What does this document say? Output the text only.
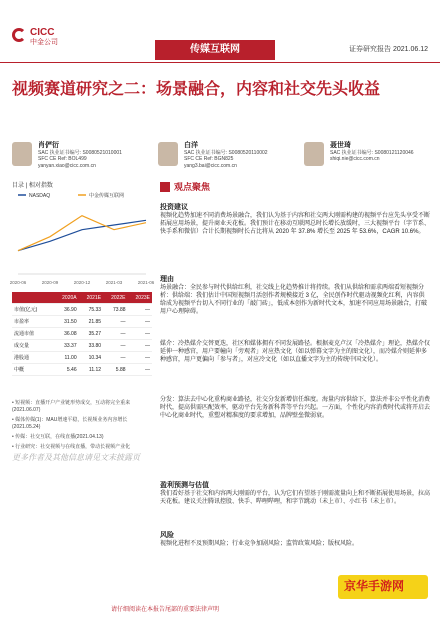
CICC
中金公司
传媒互联网	证券研究报告 2021.06.12
视频赛道研究之二：场景融合，内容和社交先头收益
肖俨衍
SAC 执业证书编号: S0080521010001
SFC CE Ref: BOL499
yanyan.xiao@cicc.com.cn
白洋
SAC 执业证书编号: S0080520110002
SFC CE Ref: BGN825
yang3.bai@cicc.com.cn
聂世琦
SAC 执业证书编号: S0080121120046
shiqi.nie@cicc.com.cn
目录 | 相对指数
NASDAQ	中金传媒互联网
2020-06	2020-09	2020-12	2021-03	2021-06
2020A	2021E	2022E	2023E
市值(亿元)	36.90	75.33	73.88	—
市盈率	31.50	21.85	—	—
流通市值	36.08	35.27	—	—
成交量	33.37	33.80	—	—
港股通	11.00	10.34	—	—
中概	5.46	11.12	5.88	—
• 短视频：直播开户产业链形势成交，互动将完全重来(2021.06.07)
• 媒体传媒(1)：MAU增速平稳，长视频业务内容增长(2021.05.24)
• 传媒：社交互联，在线直播(2021.04.13)
• 行业研究：社交视频与在线直播，带动长视频产业化
更多作者及其他信息请见文末披露页
观点聚焦
投资建议
视频化趋势加速不同消费场景融合，我们认为基于内容和社交两大刚需构建的视频平台应先头享受不断拓展应用场景，提升商业天花板。我们预计在移动互联网总时长增长放缓时，三大视频平台（字节系、快手系和微信）合计长期视频时长占比将从 2020 年 37.8% 增长至 2025 年 53.6%，CAGR 10.6%。
理由
场景融合：全民参与时代供给红利，社交线上化趋势推计将持续。我们从供给和需求两端看短视频分析：供给端：我们估计中国短视频月活创作者规模接近 3 亿，全民创作时代驱动视频化红利，内容供给成为视频平台切入不同行业的「敲门砖」，低成本创作为新时代文本，加速不同应用场景融合，打破用户心理障碍。
媒介：冷热媒介交替更迭，社区和媒体拥有不同发展路径。根据麦克卢汉「冷热媒介」理论，热媒介仅延伸一种感官，用户要幢向「旁观者」对应热文化（如以弹幕文字为主的图文化），而冷媒介则延伸多种感官，用户更偏向「参与者」，对应冷文化（如以直播文字为主的传统中国文化）。
分发：算法去中心化重构商业路径，社交分发新增信任维度。海量内容供给下，算法并非公平性化消费时代，提高供需匹配效率，驱动平台先务新科普等平台兴起。一方面，个性化内容消费时代或将开启去中心化商业时代，重塑对精准度的要求增加，品牌壁垒微弱衰。
盈利预测与估值
我们看好基于社交和内容两大刚需的平台，认为它们有望基于刚需流量向上和不断拓展使用场景，拉高天花板。建议关注腾讯控股、快手、哔哩哔哩，和字节跳动（未上市）、小红书（未上市）。
风险
视频化进程不及预期风险；行业竞争加剧风险；监管政策风险；版权风险。
京华手游网
请仔细阅读在本报告尾部的重要法律声明
